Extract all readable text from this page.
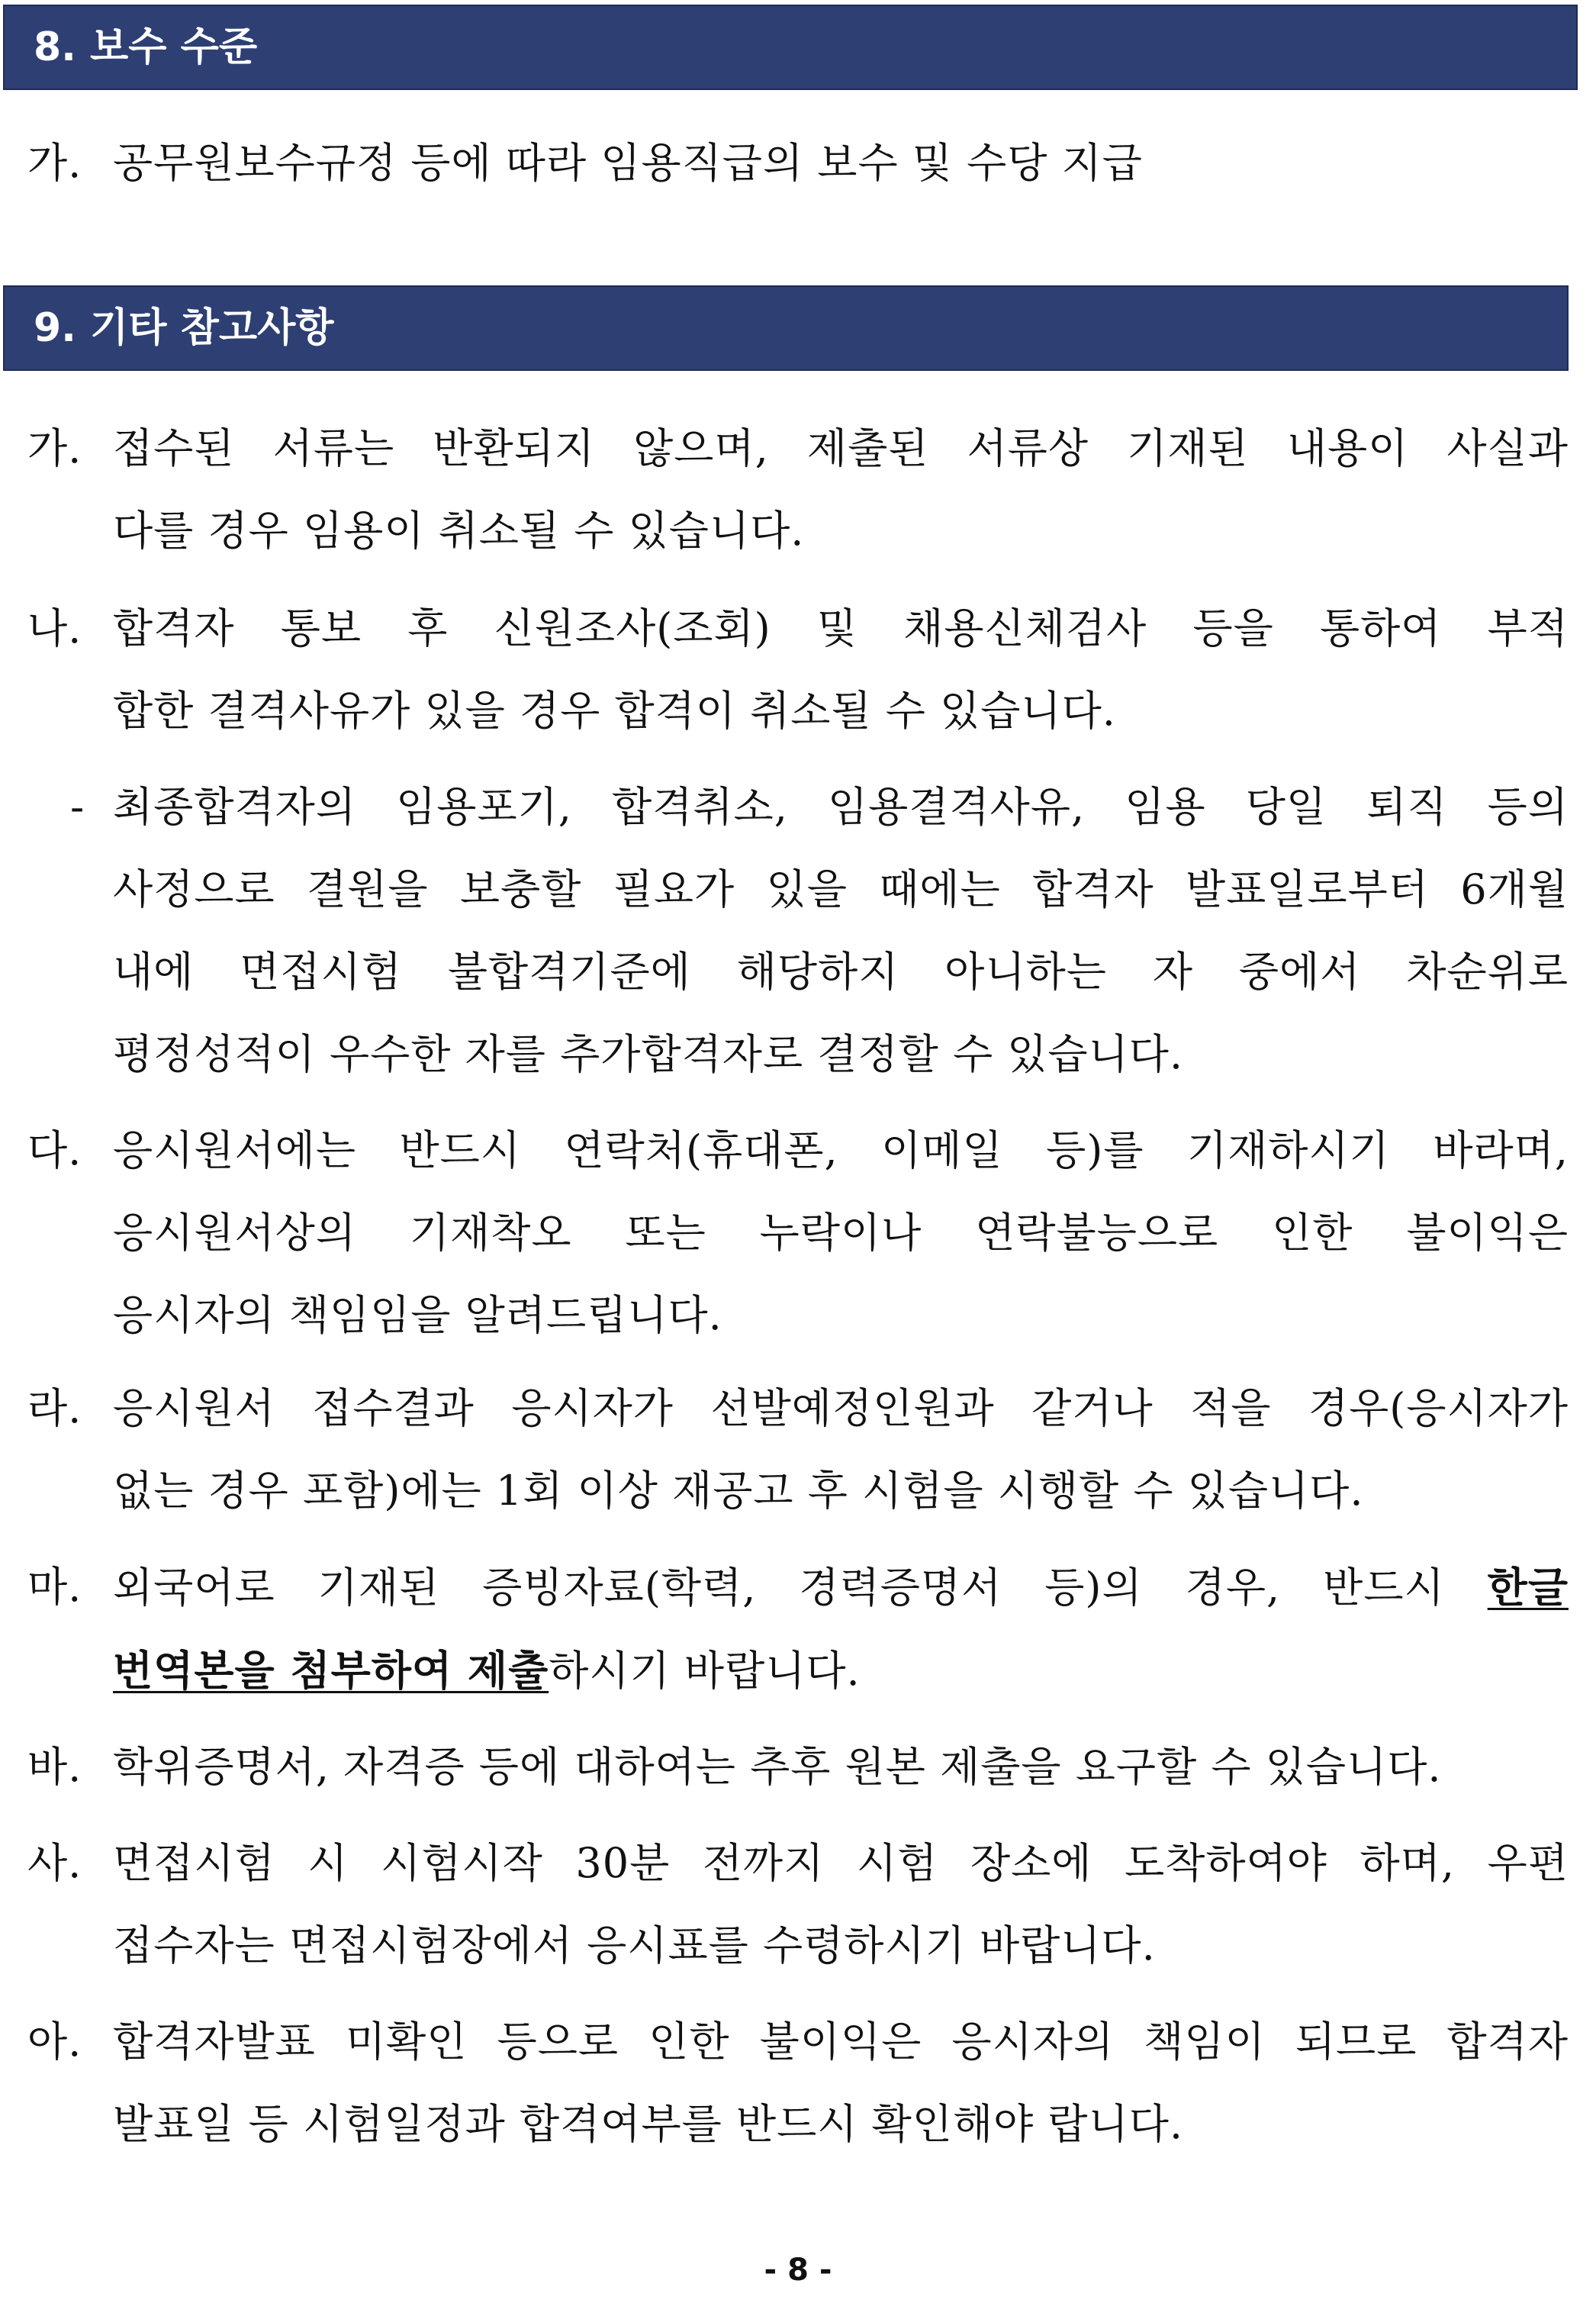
8. 보수 수준
가. 공무원보수규정 등에 따라 임용직급의 보수 및 수당 지급
9. 기타 참고사항
가. 접수된 서류는 반환되지 않으며, 제출된 서류상 기재된 내용이 사실과
다를 경우 임용이 취소될 수 있습니다.
나. 합격자 통보 후 신원조사(조회) 및 채용신체검사 등을 통하여 부적
합한 결격사유가 있을 경우 합격이 취소될 수 있습니다.
- 최종합격자의 임용포기, 합격취소, 임용결격사유, 임용 당일 퇴직 등의
사정으로 결원을 보충할 필요가 있을 때에는 합격자 발표일로부터 6개월
내에 면접시험 불합격기준에 해당하지 아니하는 자 중에서 차순위로
평정성적이 우수한 자를 추가합격자로 결정할 수 있습니다.
다. 응시원서에는 반드시 연락처(휴대폰, 이메일 등)를 기재하시기 바라며,
응시원서상의 기재착오 또는 누락이나 연락불능으로 인한 불이익은
응시자의 책임임을 알려드립니다.
라. 응시원서 접수결과 응시자가 선발예정인원과 같거나 적을 경우(응시자가
없는 경우 포함)에는 1회 이상 재공고 후 시험을 시행할 수 있습니다.
마. 외국어로 기재된 증빙자료(학력, 경력증명서 등)의 경우, 반드시 한글
번역본을 첨부하여 제출하시기 바랍니다.
바. 학위증명서, 자격증 등에 대하여는 추후 원본 제출을 요구할 수 있습니다.
사. 면접시험 시 시험시작 30분 전까지 시험 장소에 도착하여야 하며, 우편
접수자는 면접시험장에서 응시표를 수령하시기 바랍니다.
아. 합격자발표 미확인 등으로 인한 불이익은 응시자의 책임이 되므로 합격자
발표일 등 시험일정과 합격여부를 반드시 확인해야 랍니다.
- 8 -
